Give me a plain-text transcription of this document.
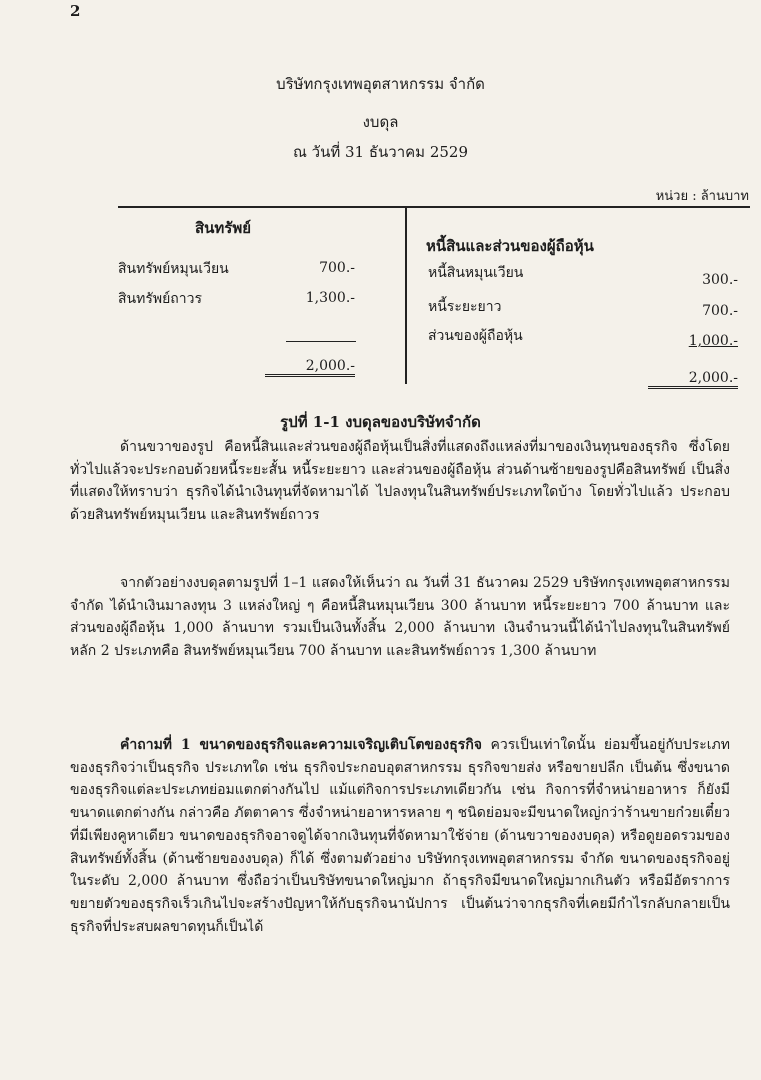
2
บริษัทกรุงเทพอุตสาหกรรม จำกัด
งบดุล
ณ วันที่ 31 ธันวาคม 2529
หน่วย : ล้านบาท
สินทรัพย์
สินทรัพย์หมุนเวียน	700.-
สินทรัพย์ถาวร	1,300.-
2,000.-
หนี้สินและส่วนของผู้ถือหุ้น
หนี้สินหมุนเวียน	300.-
หนี้ระยะยาว	700.-
ส่วนของผู้ถือหุ้น	1,000.-
2,000.-
รูปที่ 1-1 งบดุลของบริษัทจำกัด

ด้านขวาของรูป คือหนี้สินและส่วนของผู้ถือหุ้นเป็นสิ่งที่แสดงถึงแหล่งที่มาของเงินทุนของธุรกิจ ซึ่งโดยทั่วไปแล้วจะประกอบด้วยหนี้ระยะสั้น หนี้ระยะยาว และส่วนของผู้ถือหุ้น ส่วนด้านซ้ายของรูปคือสินทรัพย์ เป็นสิ่งที่แสดงให้ทราบว่า ธุรกิจได้นำเงินทุนที่จัดหามาได้ ไปลงทุนในสินทรัพย์ประเภทใดบ้าง โดยทั่วไปแล้ว ประกอบด้วยสินทรัพย์หมุนเวียน และสินทรัพย์ถาวร

จากตัวอย่างงบดุลตามรูปที่ 1–1 แสดงให้เห็นว่า ณ วันที่ 31 ธันวาคม 2529 บริษัทกรุงเทพอุตสาหกรรม จำกัด ได้นำเงินมาลงทุน 3 แหล่งใหญ่ ๆ คือหนี้สินหมุนเวียน 300 ล้านบาท หนี้ระยะยาว 700 ล้านบาท และส่วนของผู้ถือหุ้น 1,000 ล้านบาท รวมเป็นเงินทั้งสิ้น 2,000 ล้านบาท เงินจำนวนนี้ได้นำไปลงทุนในสินทรัพย์หลัก 2 ประเภทคือ สินทรัพย์หมุนเวียน 700 ล้านบาท และสินทรัพย์ถาวร 1,300 ล้านบาท

คำถามที่ 1 ขนาดของธุรกิจและความเจริญเติบโตของธุรกิจ ควรเป็นเท่าใดนั้น ย่อมขึ้นอยู่กับประเภทของธุรกิจว่าเป็นธุรกิจ ประเภทใด เช่น ธุรกิจประกอบอุตสาหกรรม ธุรกิจขายส่ง หรือขายปลีก เป็นต้น ซึ่งขนาดของธุรกิจแต่ละประเภทย่อมแตกต่างกันไป แม้แต่กิจการประเภทเดียวกัน เช่น กิจการที่จำหน่ายอาหาร ก็ยังมีขนาดแตกต่างกัน กล่าวคือ ภัตตาคาร ซึ่งจำหน่ายอาหารหลาย ๆ ชนิดย่อมจะมีขนาดใหญ่กว่าร้านขายก๋วยเตี๋ยวที่มีเพียงคูหาเดียว ขนาดของธุรกิจอาจดูได้จากเงินทุนที่จัดหามาใช้จ่าย (ด้านขวาของงบดุล) หรือดูยอดรวมของสินทรัพย์ทั้งสิ้น (ด้านซ้ายของงบดุล) ก็ได้ ซึ่งตามตัวอย่าง บริษัทกรุงเทพอุตสาหกรรม จำกัด ขนาดของธุรกิจอยู่ในระดับ 2,000 ล้านบาท ซึ่งถือว่าเป็นบริษัทขนาดใหญ่มาก ถ้าธุรกิจมีขนาดใหญ่มากเกินตัว หรือมีอัตราการขยายตัวของธุรกิจเร็วเกินไปจะสร้างปัญหาให้กับธุรกิจนานัปการ เป็นต้นว่าจากธุรกิจที่เคยมีกำไรกลับกลายเป็นธุรกิจที่ประสบผลขาดทุนก็เป็นได้
